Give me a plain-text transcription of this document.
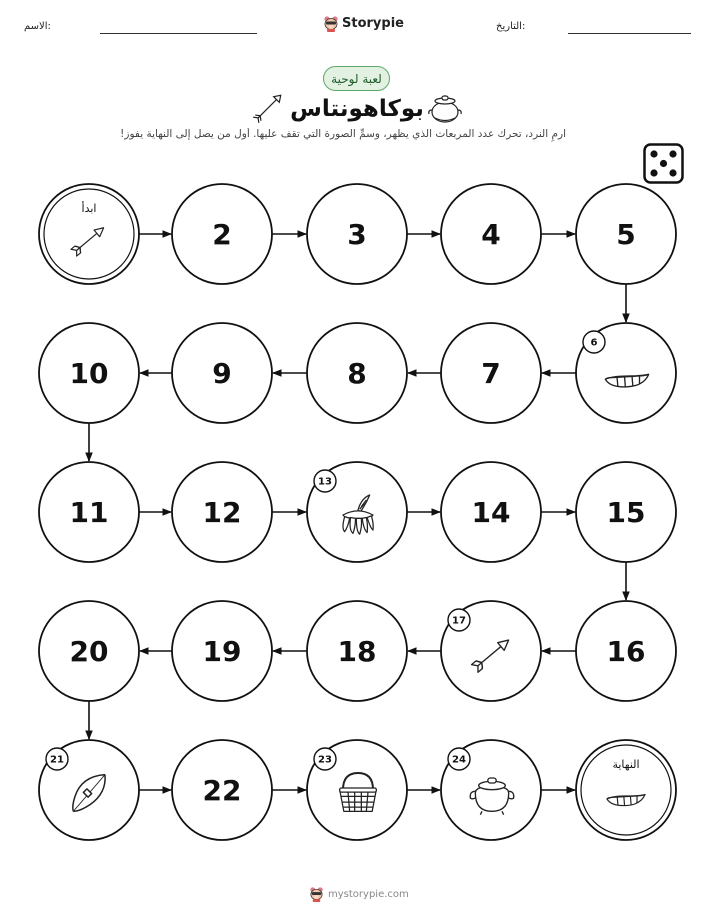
الاسم:	Storypie	التاريخ:
لعبة لوحية
بوكاهونتاس
ارمِ النرد، تحرك عدد المربعات الذي يظهر، وسمِّ الصورة التي تقف عليها. أول من يصل إلى النهاية يفوز!
ابدأ
2	3	4	5
6
7
8
9
10
11	12
13
14	15
16
17
18
19
20
21
22
23	24	النهاية
mystorypie.com
